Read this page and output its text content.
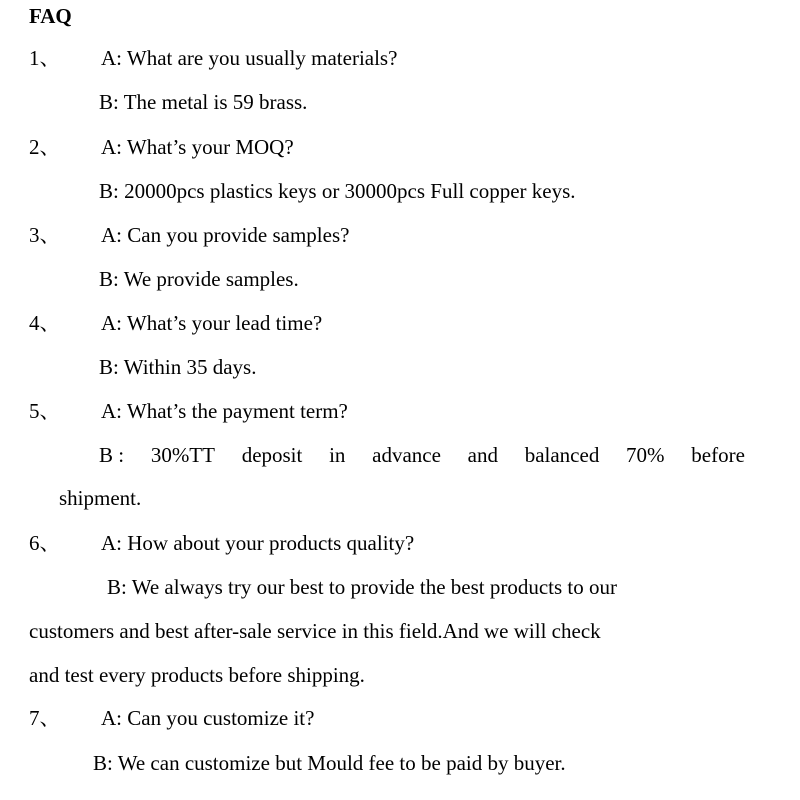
FAQ
1、 A: What are you usually materials?
B: The metal is 59 brass.
2、 A: What’s your MOQ?
B: 20000pcs plastics keys or 30000pcs Full copper keys.
3、 A: Can you provide samples?
B: We provide samples.
4、 A: What’s your lead time?
B: Within 35 days.
5、 A: What’s the payment term?
B : 30%TT deposit in advance and balanced 70% before
shipment.
6、 A: How about your products quality?
B: We always try our best to provide the best products to our
customers and best after-sale service in this field.And we will check
and test every products before shipping.
7、 A: Can you customize it?
B: We can customize but Mould fee to be paid by buyer.
